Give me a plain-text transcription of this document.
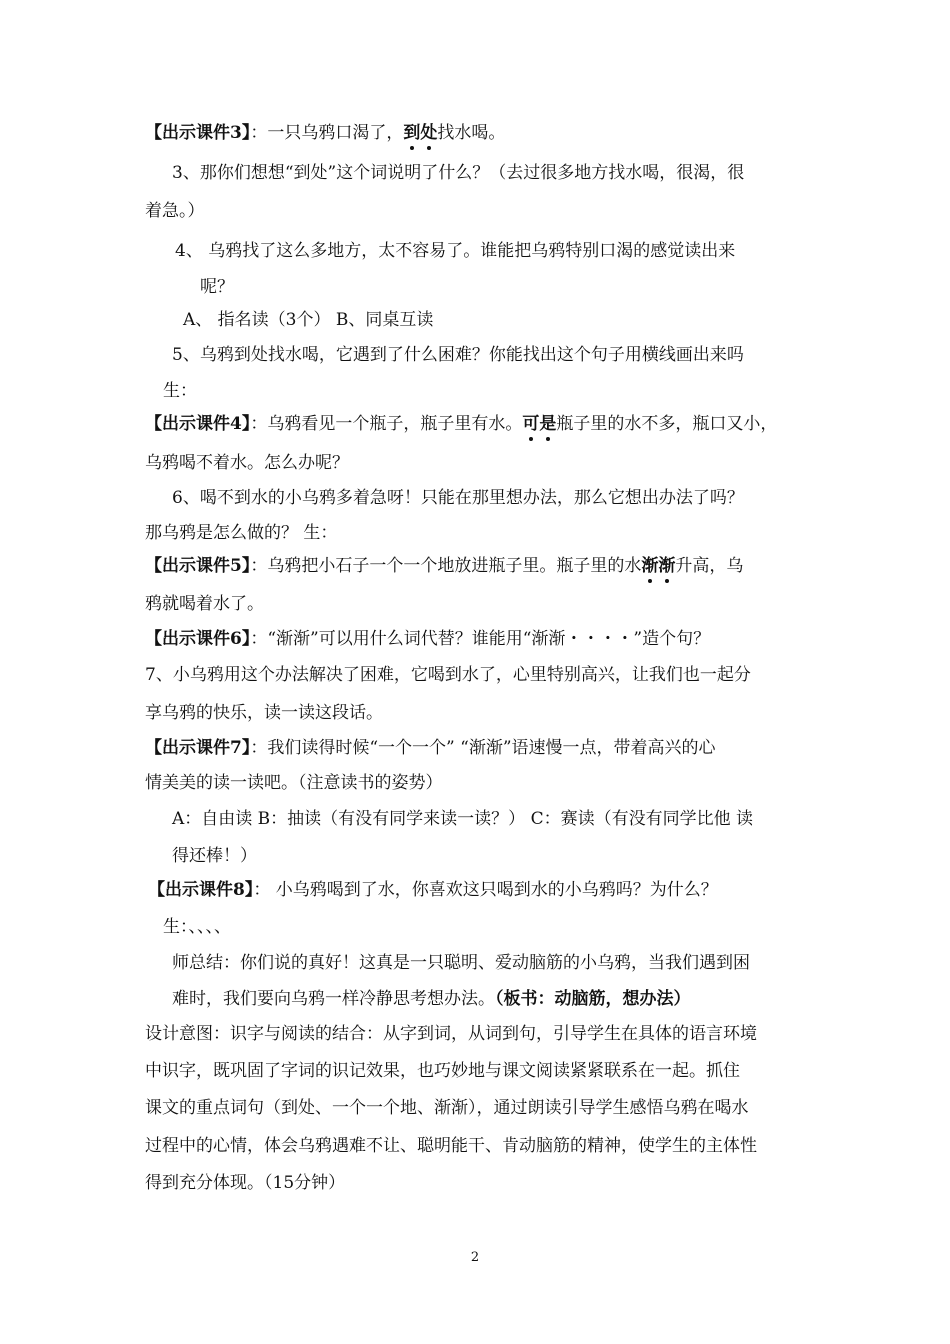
【出示课件3】：一只乌鸦口渴了，到处找水喝。
3、那你们想想“到处”这个词说明了什么？（去过很多地方找水喝，很渴，很
着急。）
4、 乌鸦找了这么多地方，太不容易了。谁能把乌鸦特别口渴的感觉读出来
呢？
A、 指名读（3个） B、同桌互读
5、乌鸦到处找水喝，它遇到了什么困难？你能找出这个句子用横线画出来吗
生：
【出示课件4】：乌鸦看见一个瓶子，瓶子里有水。可是瓶子里的水不多，瓶口又小，
乌鸦喝不着水。怎么办呢？
6、喝不到水的小乌鸦多着急呀！只能在那里想办法，那么它想出办法了吗？
那乌鸦是怎么做的？ 生：
【出示课件5】：乌鸦把小石子一个一个地放进瓶子里。瓶子里的水渐渐升高，乌
鸦就喝着水了。
【出示课件6】：“渐渐”可以用什么词代替？谁能用“渐渐・・・・”造个句？
7、小乌鸦用这个办法解决了困难，它喝到水了，心里特别高兴，让我们也一起分
享乌鸦的快乐，读一读这段话。
【出示课件7】：我们读得时候“一个一个” “渐渐”语速慢一点，带着高兴的心
情美美的读一读吧。（注意读书的姿势）
A：自由读 B：抽读（有没有同学来读一读？） C：赛读（有没有同学比他 读
得还棒！）
【出示课件8】： 小乌鸦喝到了水，你喜欢这只喝到水的小乌鸦吗？为什么？
生：、、、、
师总结：你们说的真好！这真是一只聪明、爱动脑筋的小乌鸦，当我们遇到困
难时，我们要向乌鸦一样冷静思考想办法。（板书：动脑筋，想办法）
设计意图：识字与阅读的结合：从字到词，从词到句，引导学生在具体的语言环境
中识字，既巩固了字词的识记效果，也巧妙地与课文阅读紧紧联系在一起。抓住
课文的重点词句（到处、一个一个地、渐渐），通过朗读引导学生感悟乌鸦在喝水
过程中的心情，体会乌鸦遇难不让、聪明能干、肯动脑筋的精神，使学生的主体性
得到充分体现。（15分钟）
2
